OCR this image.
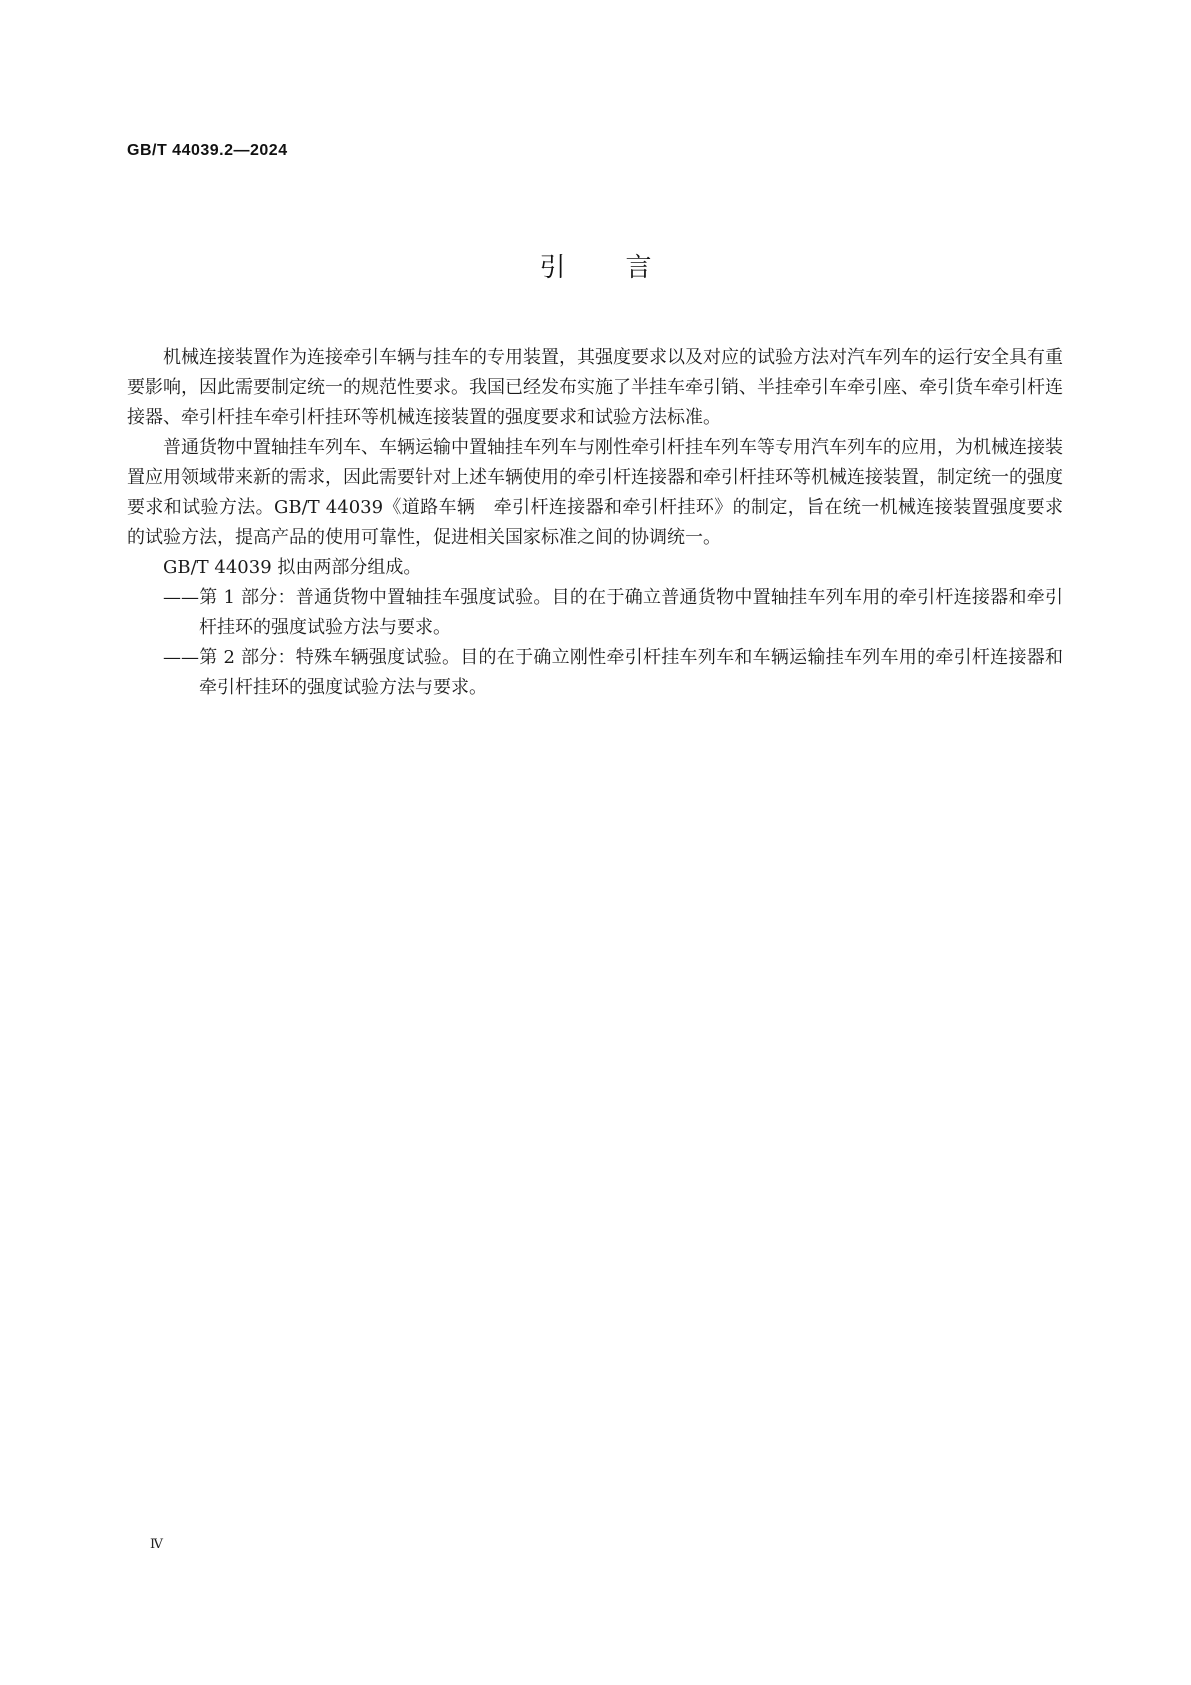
GB/T 44039.2—2024
引言

机械连接装置作为连接牵引车辆与挂车的专用装置，其强度要求以及对应的试验方法对汽车列车的运行安全具有重要影响，因此需要制定统一的规范性要求。我国已经发布实施了半挂车牵引销、半挂牵引车牵引座、牵引货车牵引杆连接器、牵引杆挂车牵引杆挂环等机械连接装置的强度要求和试验方法标准。

普通货物中置轴挂车列车、车辆运输中置轴挂车列车与刚性牵引杆挂车列车等专用汽车列车的应用，为机械连接装置应用领域带来新的需求，因此需要针对上述车辆使用的牵引杆连接器和牵引杆挂环等机械连接装置，制定统一的强度要求和试验方法。GB/T 44039《道路车辆　牵引杆连接器和牵引杆挂环》的制定，旨在统一机械连接装置强度要求的试验方法，提高产品的使用可靠性，促进相关国家标准之间的协调统一。

GB/T 44039 拟由两部分组成。

——第 1 部分：普通货物中置轴挂车强度试验。目的在于确立普通货物中置轴挂车列车用的牵引杆连接器和牵引杆挂环的强度试验方法与要求。
——第 2 部分：特殊车辆强度试验。目的在于确立刚性牵引杆挂车列车和车辆运输挂车列车用的牵引杆连接器和牵引杆挂环的强度试验方法与要求。
Ⅳ
